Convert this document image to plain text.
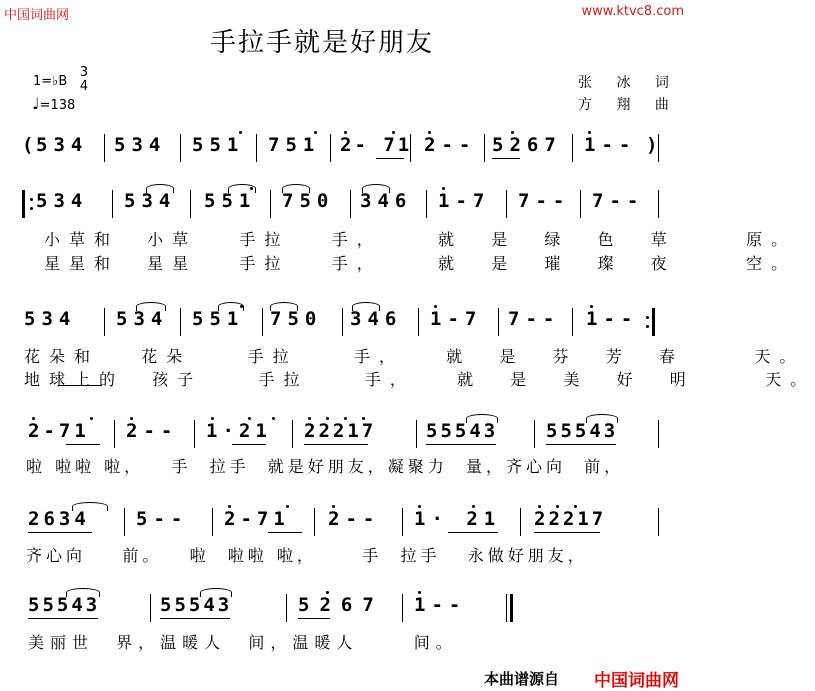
中国词曲网	www.ktvc8.com
手拉手就是好朋友
1=♭B
3
4
♩=138
张 冰 词
方 翔 曲
(
534 534 551 751 2- 71 2-- 5267 1-- )
534 534 551 750 346 1-7 7-- 7--
小草和  小草   手拉   手，    就  是  绿  色  草     原。
星星和  星星   手拉   手，    就  是  璀  璨  夜     空。
534 534 551 750 346 1-7 7-- 1--
花朵和   花朵    手拉    手，   就  是  芬  芳  春     天。
地球上的  孩子    手拉    手，   就  是  美  好  明     天。
2-71 2-- 1·21 22217	55543	55543
啦 啦啦 啦，   手  拉手  就是好朋友，凝聚力  量，齐心向  前，
2634 5-- 2-71 2-- 1· 21 22217
齐心向    前。   啦  啦啦 啦，     手  拉手   永做好朋友，
55543	55543	5267 1--
美丽世  界，温暖人  间，温暖人     间。
本曲谱源自 中国词曲网
